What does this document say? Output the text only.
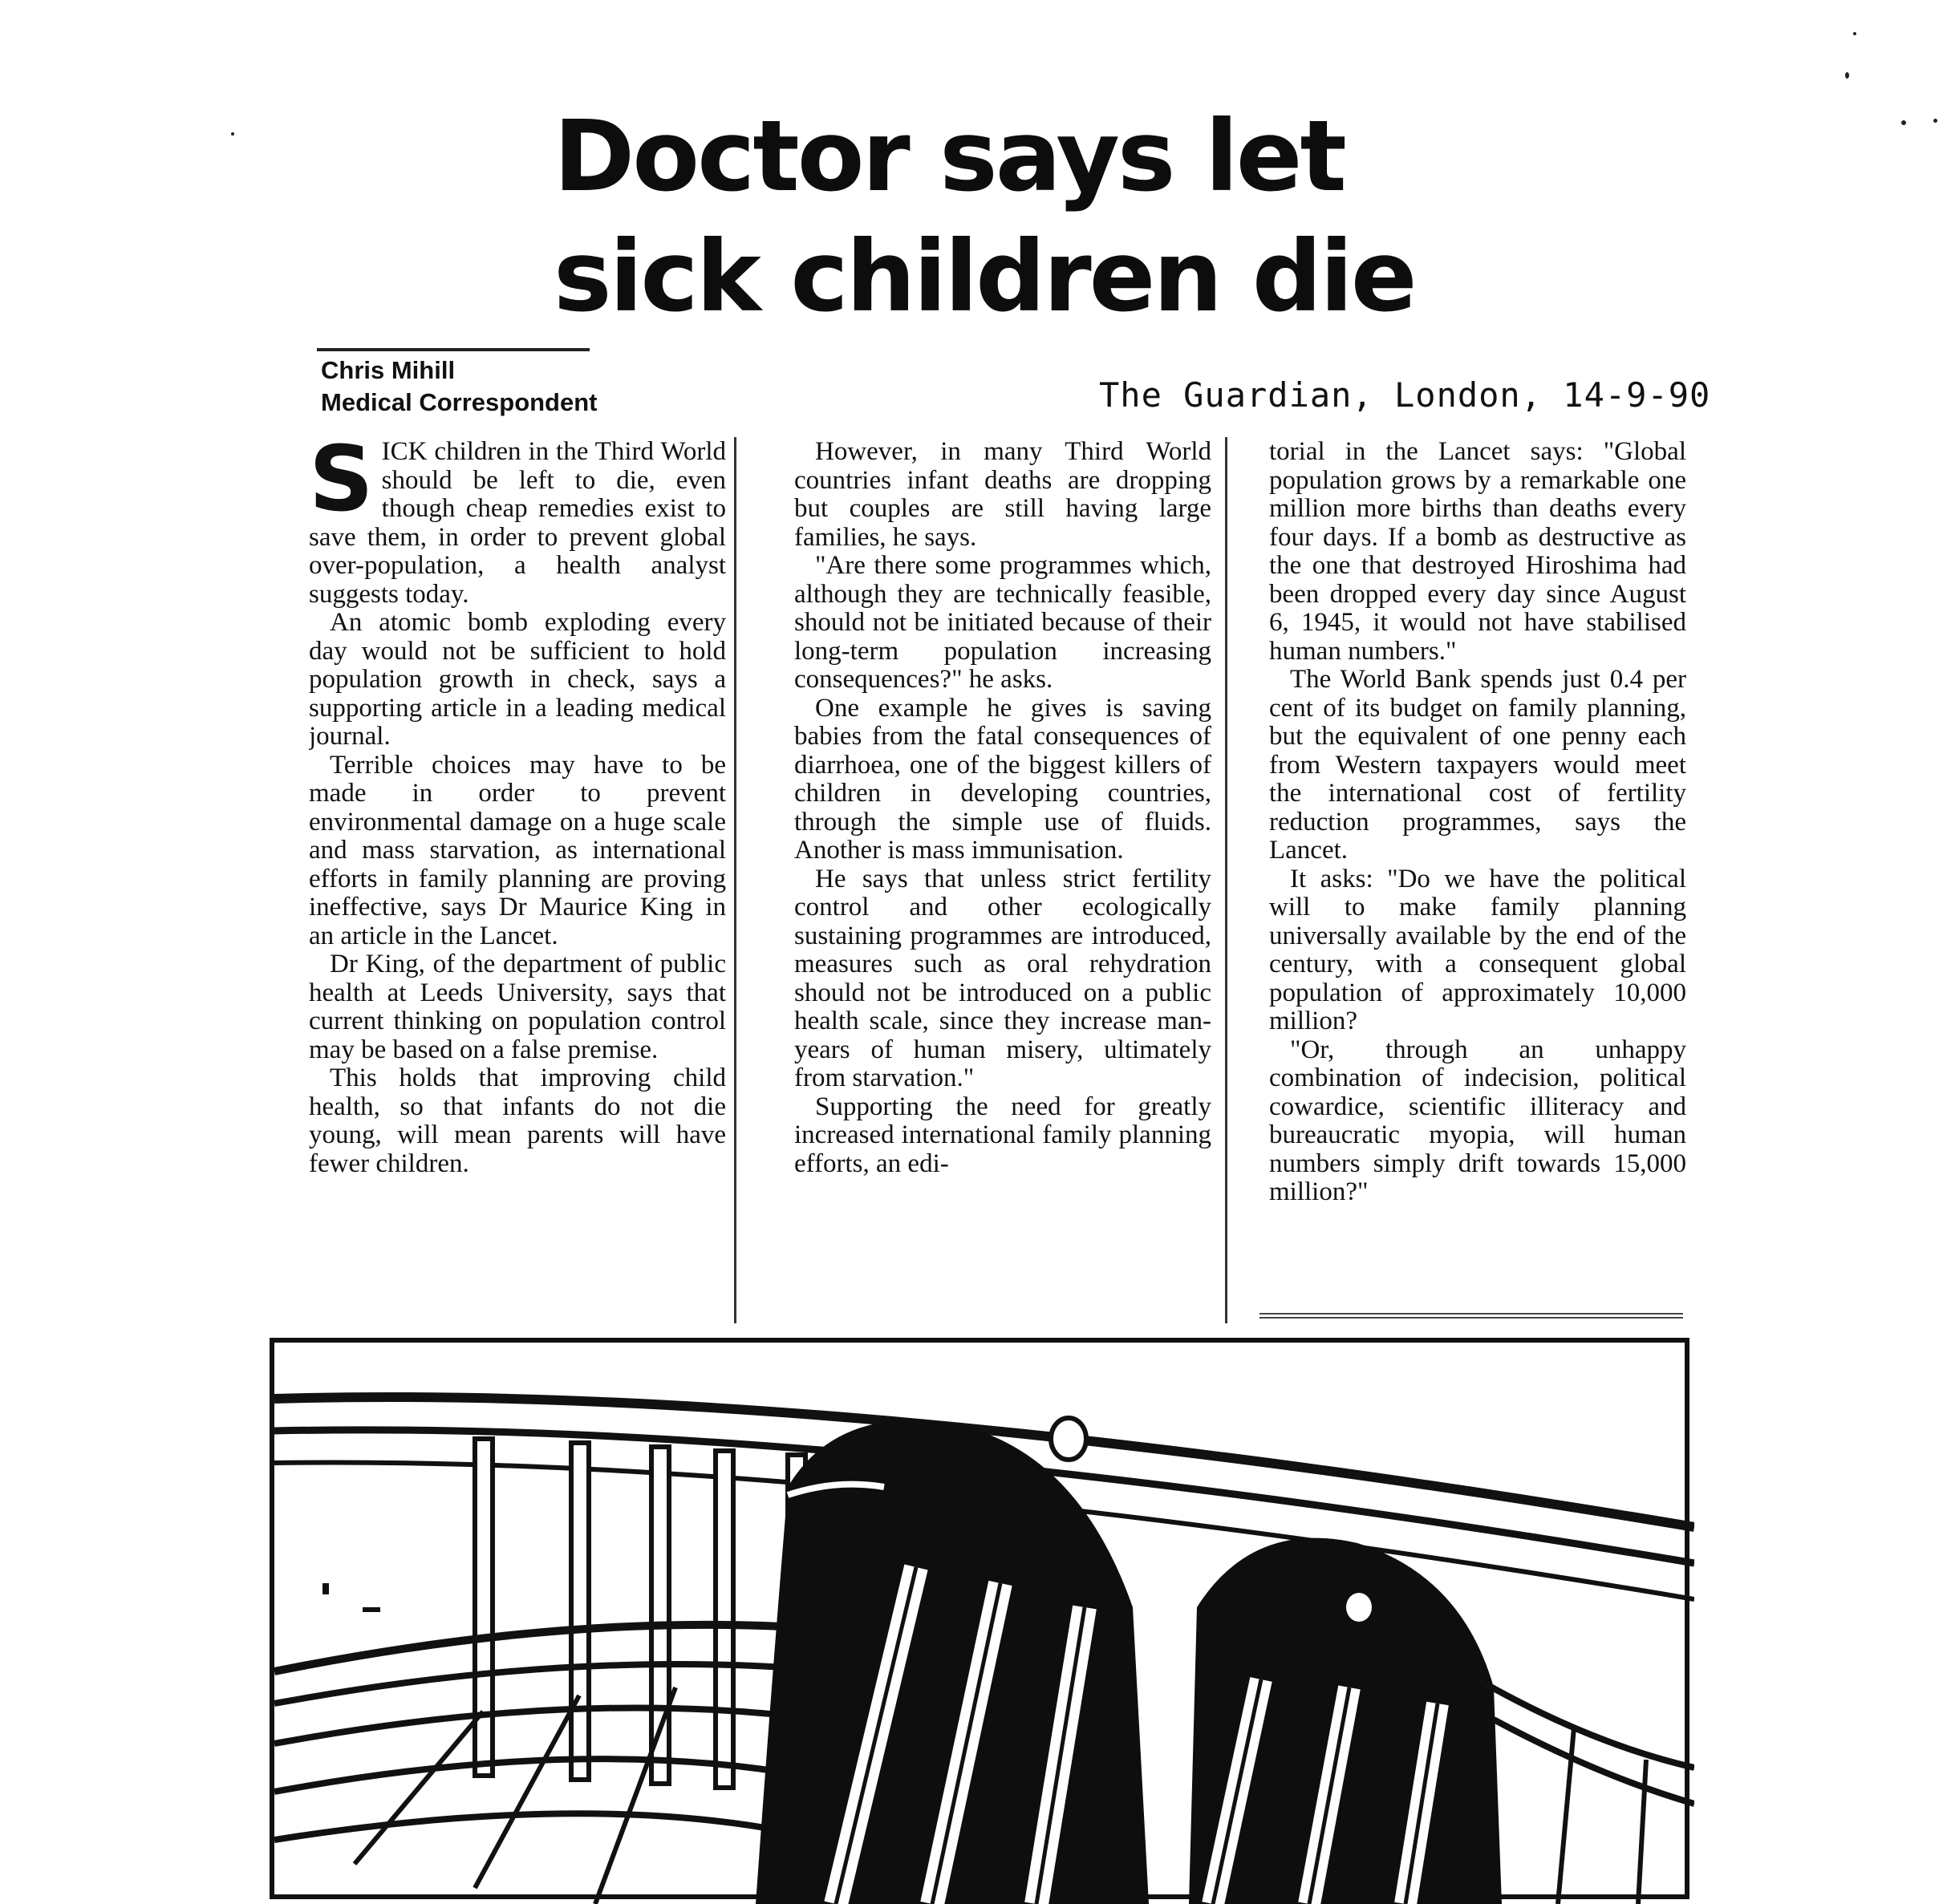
Doctor says let
sick children die
Chris Mihill
Medical Correspondent	The Guardian, London, 14-9-90

SICK children in the Third World should be left to die, even though cheap remedies exist to save them, in order to prevent global over-population, a health analyst suggests today.

An atomic bomb exploding every day would not be sufficient to hold population growth in check, says a supporting article in a leading medical journal.

Terrible choices may have to be made in order to prevent environmental damage on a huge scale and mass starvation, as international efforts in family planning are proving ineffective, says Dr Maurice King in an article in the Lancet.

Dr King, of the department of public health at Leeds University, says that current thinking on population control may be based on a false premise.

This holds that improving child health, so that infants do not die young, will mean parents will have fewer children.

However, in many Third World countries infant deaths are dropping but couples are still having large families, he says.

"Are there some programmes which, although they are technically feasible, should not be initiated because of their long-term population increasing consequences?" he asks.

One example he gives is saving babies from the fatal consequences of diarrhoea, one of the biggest killers of children in developing countries, through the simple use of fluids. Another is mass immunisation.

He says that unless strict fertility control and other ecologically sustaining programmes are introduced, measures such as oral rehydration should not be introduced on a public health scale, since they increase man-years of human misery, ultimately from starvation."

Supporting the need for greatly increased international family planning efforts, an edi-

torial in the Lancet says: "Global population grows by a remarkable one million more births than deaths every four days. If a bomb as destructive as the one that destroyed Hiroshima had been dropped every day since August 6, 1945, it would not have stabilised human numbers."

The World Bank spends just 0.4 per cent of its budget on family planning, but the equivalent of one penny each from Western taxpayers would meet the international cost of fertility reduction programmes, says the Lancet.

It asks: "Do we have the political will to make family planning universally available by the end of the century, with a consequent global population of approximately 10,000 million?

"Or, through an unhappy combination of indecision, political cowardice, scientific illiteracy and bureaucratic myopia, will human numbers simply drift towards 15,000 million?"
